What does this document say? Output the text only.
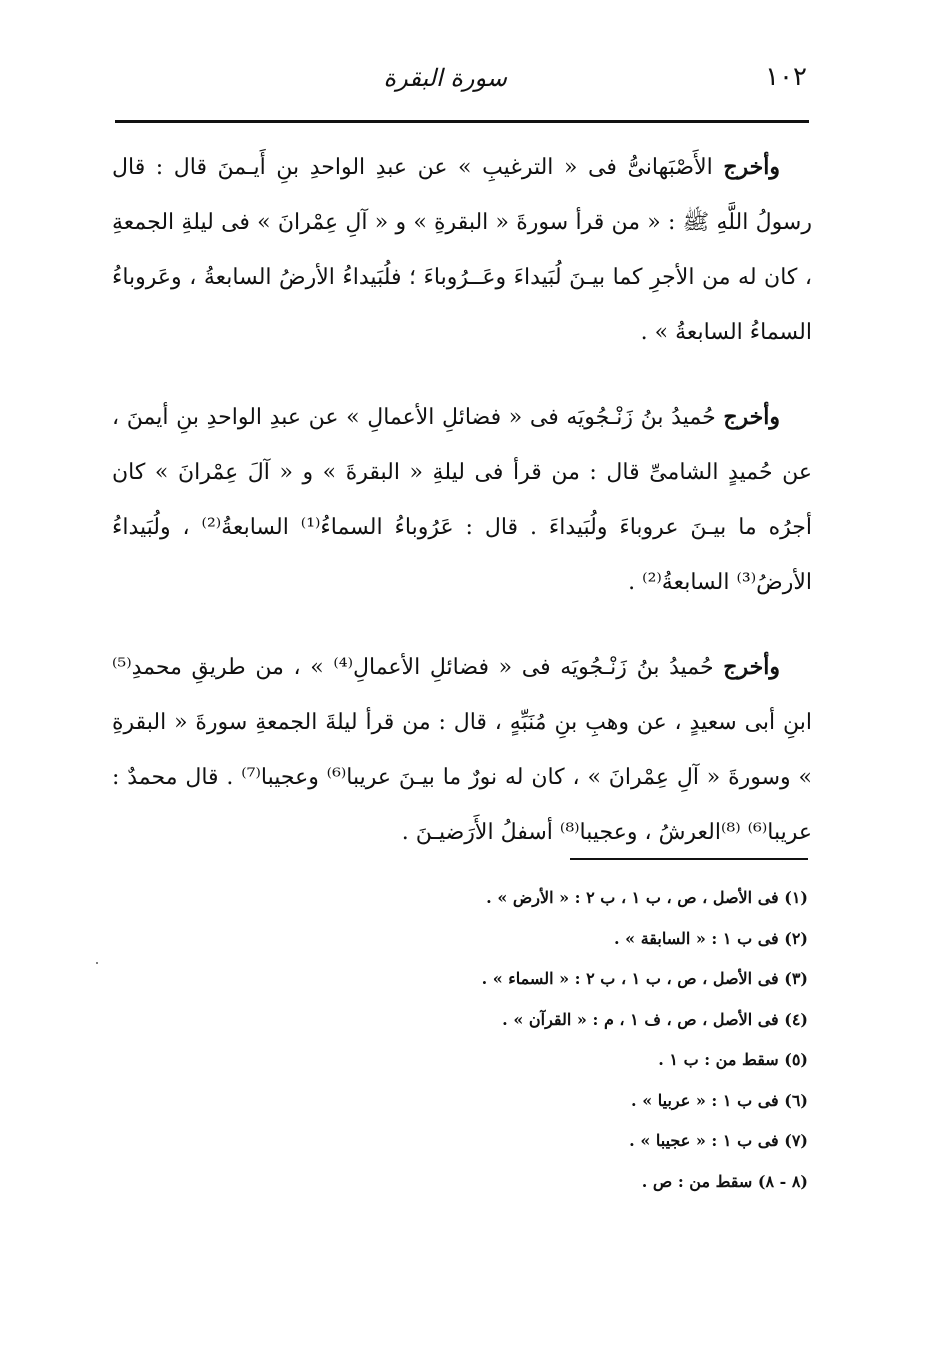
١٠٢
سورة البقرة

وأخرج الأَصْبَهانىُّ فى « الترغيبِ » عن عبدِ الواحدِ بنِ أَيـمنَ قال : قال رسولُ اللَّهِ ﷺ : « من قرأ سورةَ « البقرةِ » و « آلِ عِمْرانَ » فى ليلةِ الجمعةِ ، كان له من الأجرِ كما بيـنَ لُبَيداءَ وعَــرُوباءَ ؛ فلُبَيداءُ الأرضُ السابعةُ ، وعَروباءُ السماءُ السابعةُ » .

وأخرج حُميدُ بنُ زَنْـجُويَه فى « فضائلِ الأعمالِ » عن عبدِ الواحدِ بنِ أيمنَ ، عن حُميدٍ الشامىِّ قال : من قرأ فى ليلةِ « البقرةَ » و « آلَ عِمْرانَ » كان أجرُه ما بيـنَ عروباءَ ولُبَيداءَ . قال : عَرُوباءُ السماءُ⁽¹⁾ السابعةُ⁽²⁾ ، ولُبَيداءُ الأرضُ⁽³⁾ السابعةُ⁽²⁾ .

وأخرج حُميدُ بنُ زَنْـجُويَه فى « فضائلِ الأعمالِ⁽⁴⁾ » ، من طريقِ محمدِ⁽⁵⁾ ابنِ أبى سعيدٍ ، عن وهبِ بنِ مُنَبِّهٍ ، قال : من قرأ ليلةَ الجمعةِ سورةَ « البقرةِ » وسورةَ « آلِ عِمْرانَ » ، كان له نورٌ ما بيـنَ عريبا⁽⁶⁾ وعجيبا⁽⁷⁾ . قال محمدٌ : عريبا⁽⁶⁾ ⁽⁸⁾العرشُ ، وعجيبا⁽⁸⁾ أسفلُ الأَرَضيـنَ .

(١) فى الأصل ، ص ، ب ١ ، ب ٢ : « الأرض » .
(٢) فى ب ١ : « السابقة » .
(٣) فى الأصل ، ص ، ب ١ ، ب ٢ : « السماء » .
(٤) فى الأصل ، ص ، ف ١ ، م : « القرآن » .
(٥) سقط من : ب ١ .
(٦) فى ب ١ : « عربيا » .
(٧) فى ب ١ : « عجيبا » .
(٨ - ٨) سقط من : ص .
